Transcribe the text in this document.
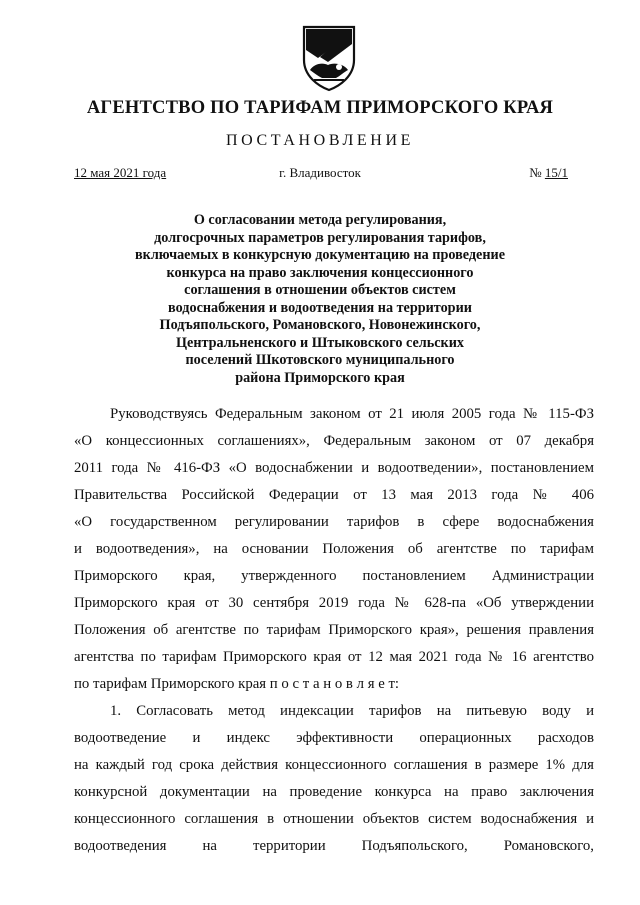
АГЕНТСТВО ПО ТАРИФАМ ПРИМОРСКОГО КРАЯ
ПОСТАНОВЛЕНИЕ
12 мая 2021 года	г. Владивосток	№ 15/1
О согласовании метода регулирования,
долгосрочных параметров регулирования тарифов,
включаемых в конкурсную документацию на проведение
конкурса на право заключения концессионного
соглашения в отношении объектов систем
водоснабжения и водоотведения на территории
Подъяпольского, Романовского, Новонежинского,
Центральненского и Штыковского сельских
поселений Шкотовского муниципального
района Приморского края
Руководствуясь Федеральным законом от 21 июля 2005 года № 115-ФЗ
«О концессионных соглашениях», Федеральным законом от 07 декабря
2011 года № 416-ФЗ «О водоснабжении и водоотведении», постановлением
Правительства Российской Федерации от 13 мая 2013 года № 406
«О государственном регулировании тарифов в сфере водоснабжения
и водоотведения», на основании Положения об агентстве по тарифам
Приморского края, утвержденного постановлением Администрации
Приморского края от 30 сентября 2019 года № 628-па «Об утверждении
Положения об агентстве по тарифам Приморского края», решения правления
агентства по тарифам Приморского края от 12 мая 2021 года № 16 агентство
по тарифам Приморского края п о с т а н о в л я е т:
1. Согласовать метод индексации тарифов на питьевую воду и
водоотведение и индекс эффективности операционных расходов
на каждый год срока действия концессионного соглашения в размере 1% для
конкурсной документации на проведение конкурса на право заключения
концессионного соглашения в отношении объектов систем водоснабжения и
водоотведения на территории Подъяпольского, Романовского,
